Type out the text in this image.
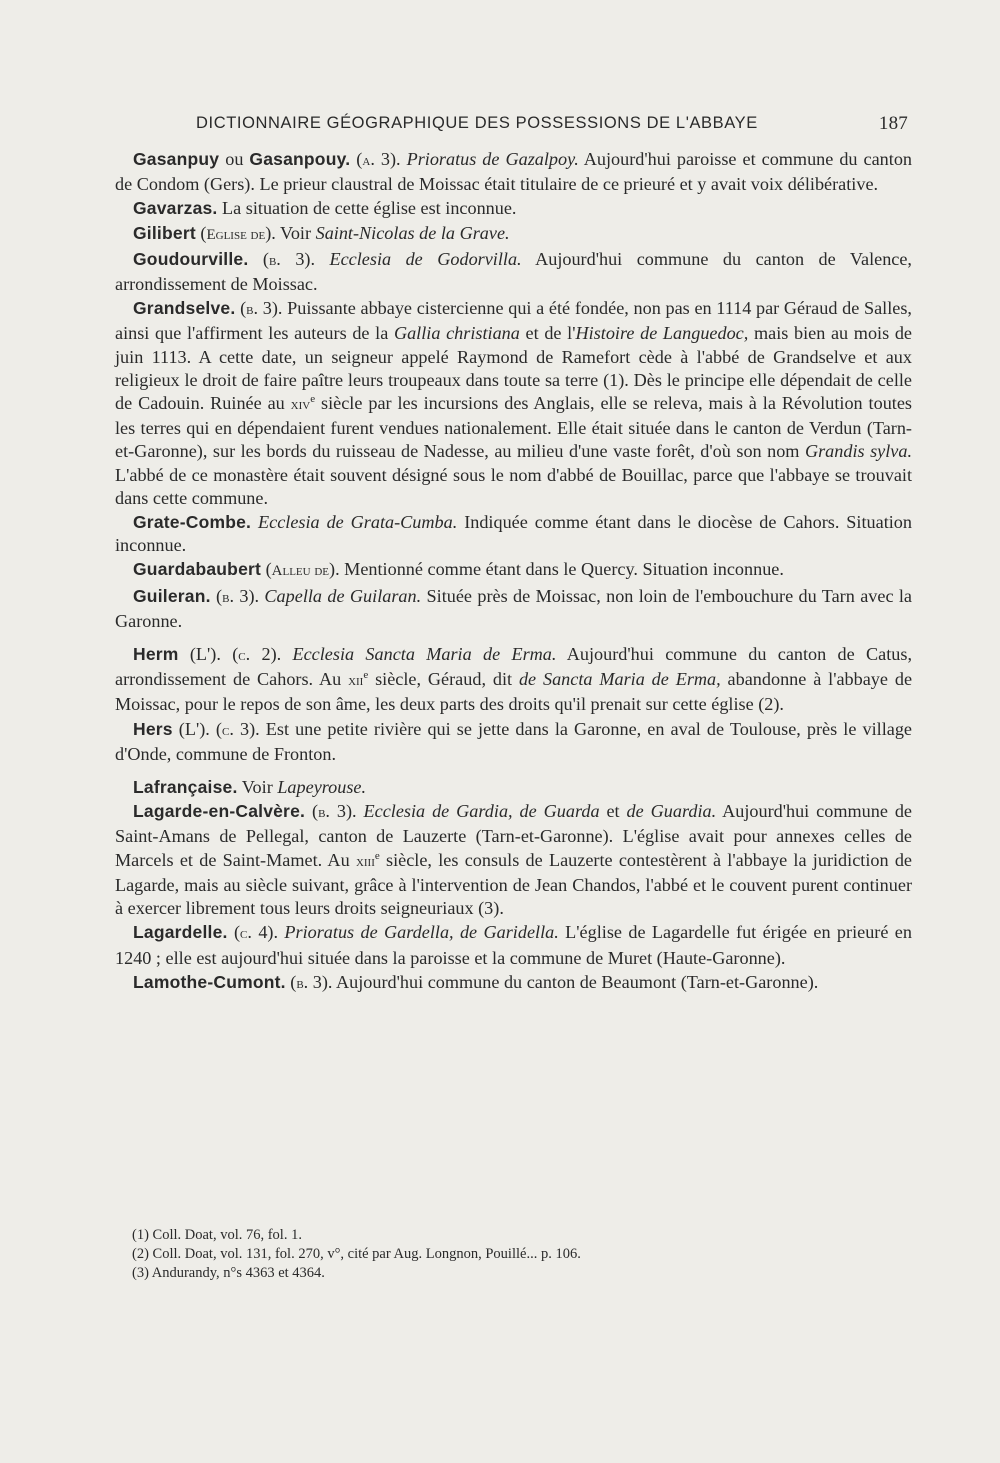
DICTIONNAIRE GÉOGRAPHIQUE DES POSSESSIONS DE L'ABBAYE	187

Gasanpuy ou Gasanpouy. (a. 3). Prioratus de Gazalpoy. Aujourd'hui paroisse et commune du canton de Condom (Gers). Le prieur claustral de Moissac était titulaire de ce prieuré et y avait voix délibérative.

Gavarzas. La situation de cette église est inconnue.

Gilibert (Eglise de). Voir Saint-Nicolas de la Grave.

Goudourville. (b. 3). Ecclesia de Godorvilla. Aujourd'hui commune du canton de Valence, arrondissement de Moissac.

Grandselve. (b. 3). Puissante abbaye cistercienne qui a été fondée, non pas en 1114 par Géraud de Salles, ainsi que l'affirment les auteurs de la Gallia christiana et de l'Histoire de Languedoc, mais bien au mois de juin 1113. A cette date, un seigneur appelé Raymond de Ramefort cède à l'abbé de Grandselve et aux religieux le droit de faire paître leurs troupeaux dans toute sa terre (1). Dès le principe elle dépendait de celle de Cadouin. Ruinée au xiv$^e$ siècle par les incursions des Anglais, elle se releva, mais à la Révolution toutes les terres qui en dépendaient furent vendues nationalement. Elle était située dans le canton de Verdun (Tarn-et-Garonne), sur les bords du ruisseau de Nadesse, au milieu d'une vaste forêt, d'où son nom Grandis sylva. L'abbé de ce monastère était souvent désigné sous le nom d'abbé de Bouillac, parce que l'abbaye se trouvait dans cette commune.

Grate-Combe. Ecclesia de Grata-Cumba. Indiquée comme étant dans le diocèse de Cahors. Situation inconnue.

Guardabaubert (Alleu de). Mentionné comme étant dans le Quercy. Situation inconnue.

Guileran. (b. 3). Capella de Guilaran. Située près de Moissac, non loin de l'embouchure du Tarn avec la Garonne.

Herm (L'). (c. 2). Ecclesia Sancta Maria de Erma. Aujourd'hui commune du canton de Catus, arrondissement de Cahors. Au xii$^e$ siècle, Géraud, dit de Sancta Maria de Erma, abandonne à l'abbaye de Moissac, pour le repos de son âme, les deux parts des droits qu'il prenait sur cette église (2).

Hers (L'). (c. 3). Est une petite rivière qui se jette dans la Garonne, en aval de Toulouse, près le village d'Onde, commune de Fronton.

Lafrançaise. Voir Lapeyrouse.

Lagarde-en-Calvère. (b. 3). Ecclesia de Gardia, de Guarda et de Guardia. Aujourd'hui commune de Saint-Amans de Pellegal, canton de Lauzerte (Tarn-et-Garonne). L'église avait pour annexes celles de Marcels et de Saint-Mamet. Au xiii$^e$ siècle, les consuls de Lauzerte contestèrent à l'abbaye la juridiction de Lagarde, mais au siècle suivant, grâce à l'intervention de Jean Chandos, l'abbé et le couvent purent continuer à exercer librement tous leurs droits seigneuriaux (3).

Lagardelle. (c. 4). Prioratus de Gardella, de Garidella. L'église de Lagardelle fut érigée en prieuré en 1240 ; elle est aujourd'hui située dans la paroisse et la commune de Muret (Haute-Garonne).

Lamothe-Cumont. (b. 3). Aujourd'hui commune du canton de Beaumont (Tarn-et-Garonne).

(1) Coll. Doat, vol. 76, fol. 1.
(2) Coll. Doat, vol. 131, fol. 270, v°, cité par Aug. Longnon, Pouillé... p. 106.
(3) Andurandy, n°s 4363 et 4364.
